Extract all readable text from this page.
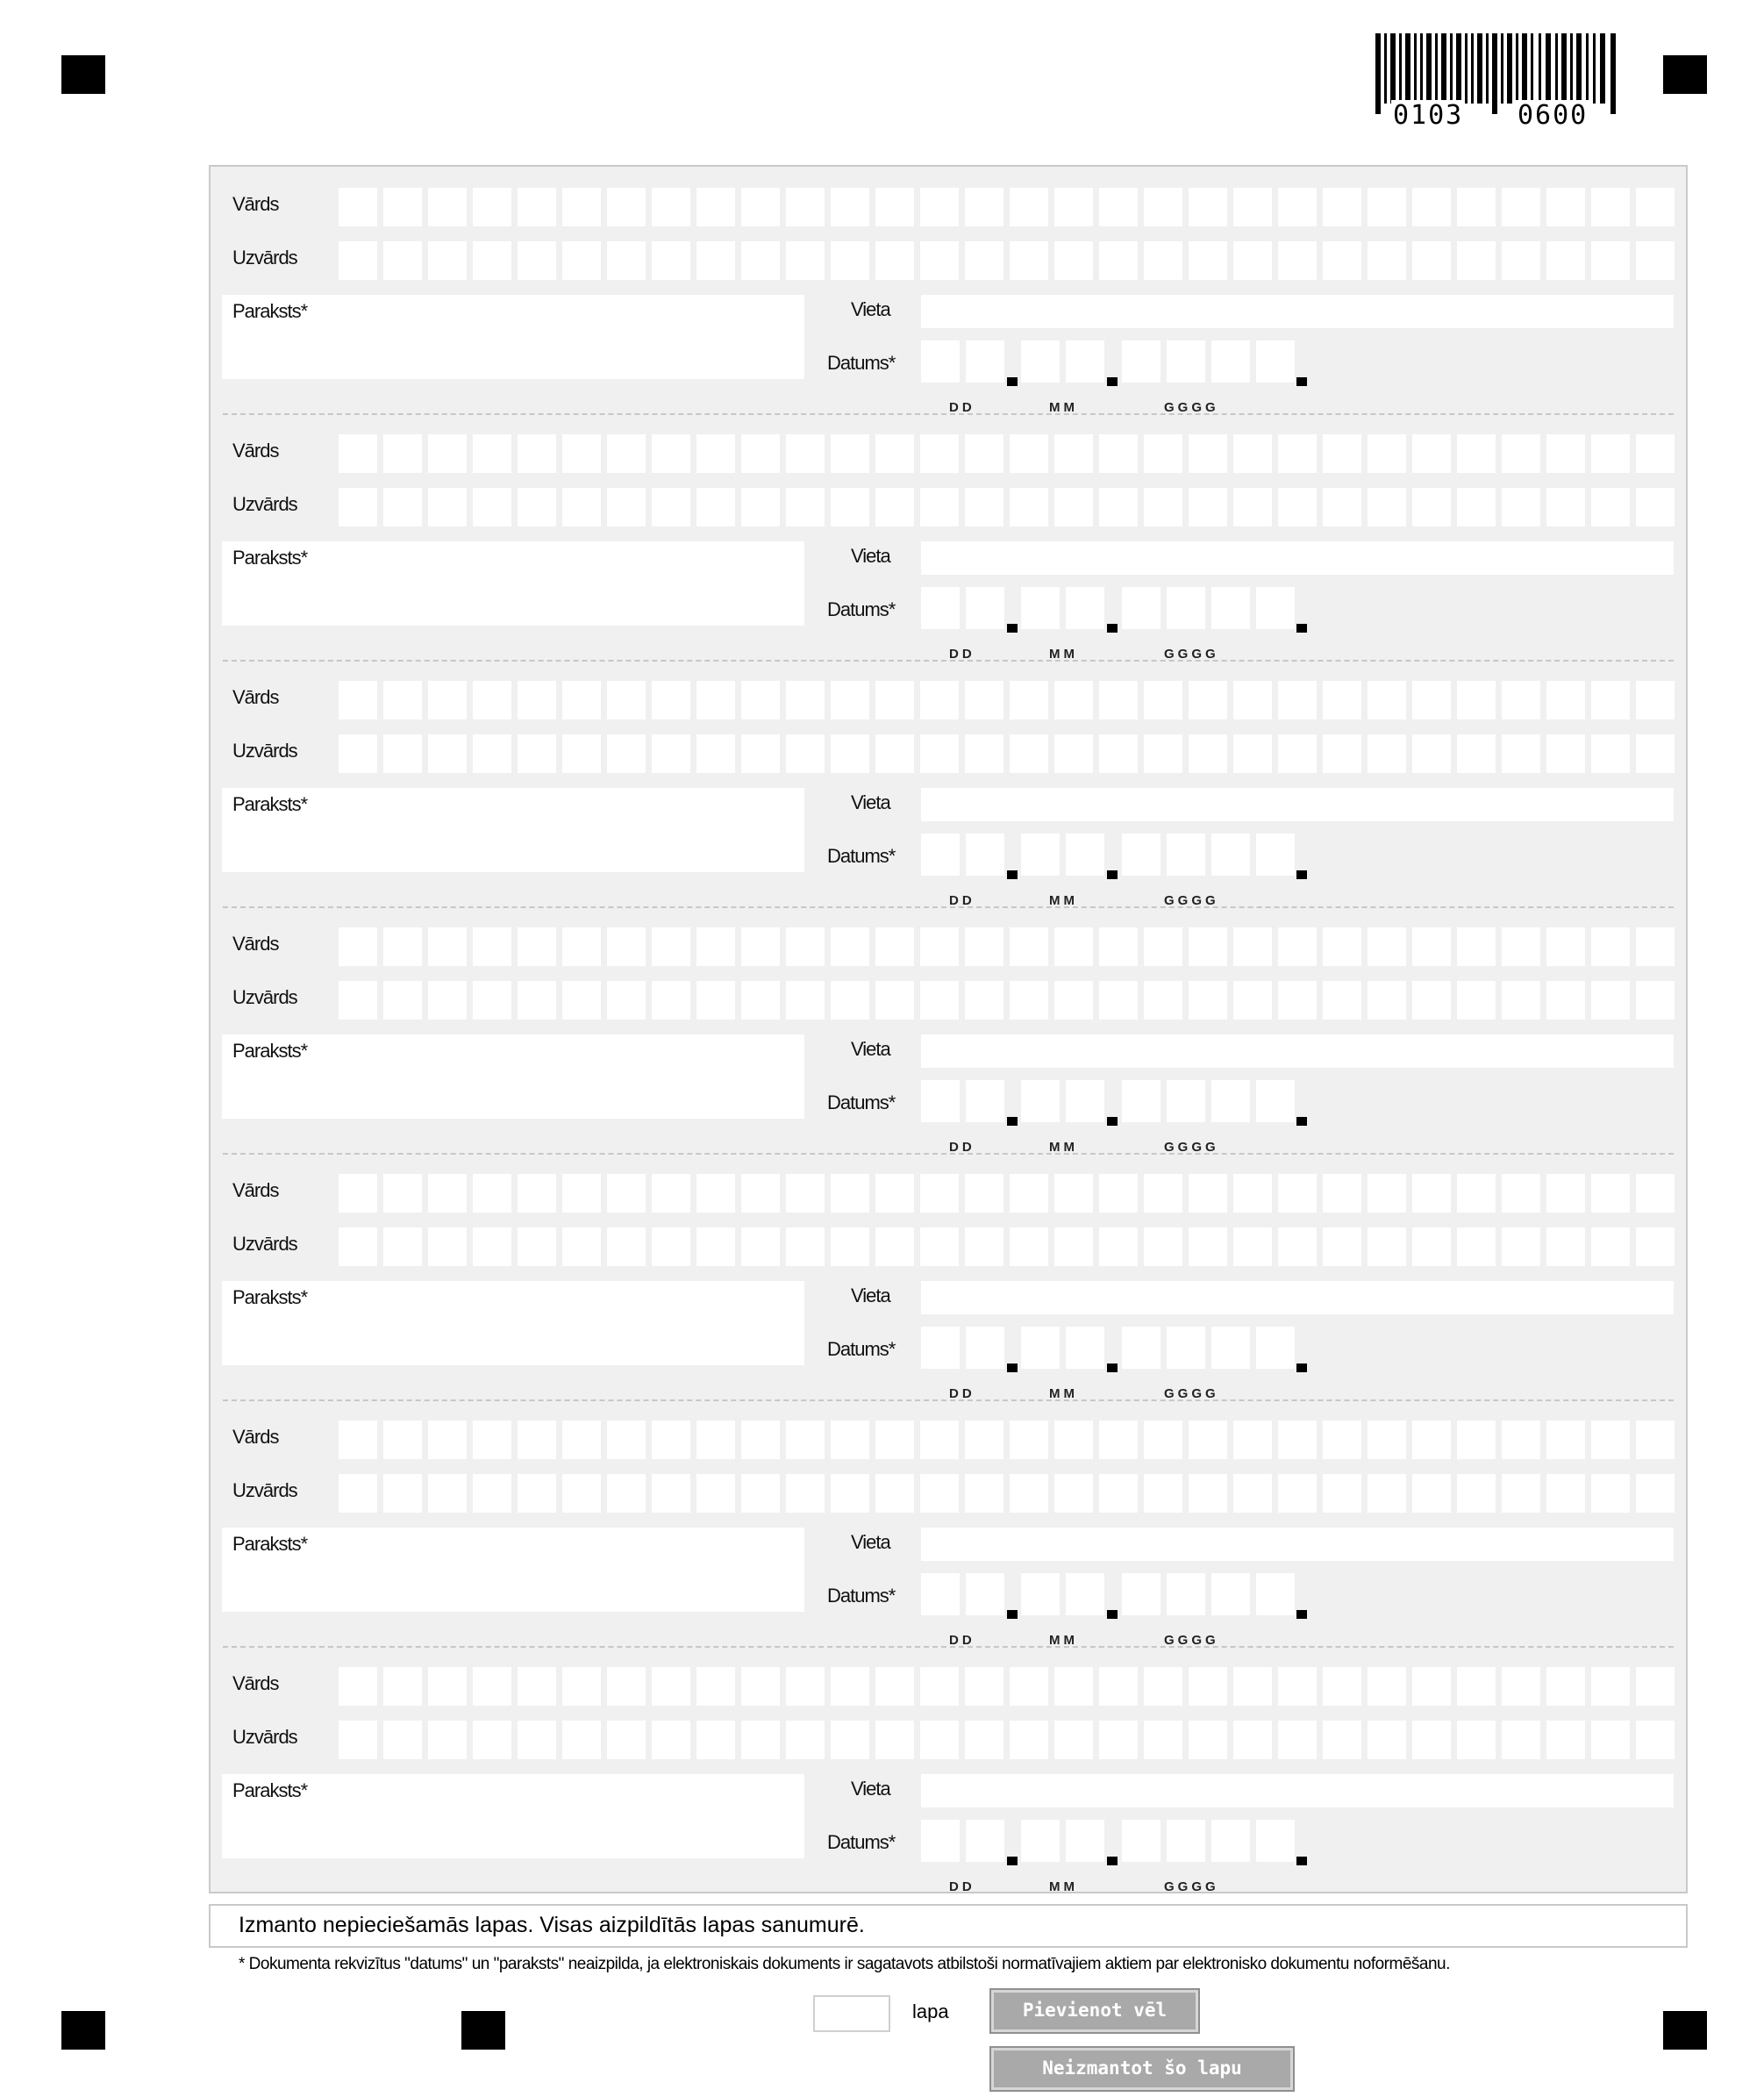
0103 0600
Vārds
Uzvārds
Paraksts*	Vieta
Datums*
DD	MM	GGGG
Vārds
Uzvārds
Paraksts*	Vieta
Datums*
DD	MM	GGGG
Vārds
Uzvārds
Paraksts*	Vieta
Datums*
DD	MM	GGGG
Vārds
Uzvārds
Paraksts*	Vieta
Datums*
DD	MM	GGGG
Vārds
Uzvārds
Paraksts*	Vieta
Datums*
DD	MM	GGGG
Vārds
Uzvārds
Paraksts*	Vieta
Datums*
DD	MM	GGGG
Vārds
Uzvārds
Paraksts*	Vieta
Datums*
DD	MM	GGGG
Izmanto nepieciešamās lapas. Visas aizpildītās lapas sanumurē.
* Dokumenta rekvizītus "datums" un "paraksts" neaizpilda, ja elektroniskais dokuments ir sagatavots atbilstoši normatīvajiem aktiem par elektronisko dokumentu noformēšanu.
lapa	Pievienot vēl
Neizmantot šo lapu
